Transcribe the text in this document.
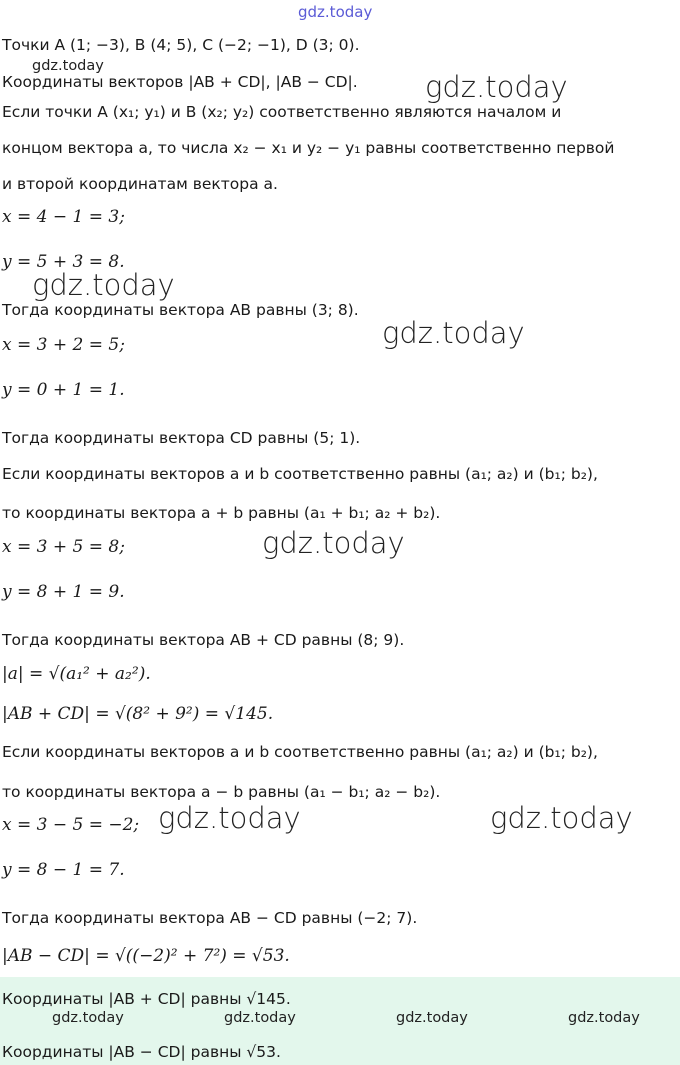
gdz.today
Точки A (1; −3), B (4; 5), C (−2; −1), D (3; 0).
Координаты векторов |AB + CD|, |AB − CD|.
Если точки A (x₁; y₁) и B (x₂; y₂) соответственно являются началом и
концом вектора a, то числа x₂ − x₁ и y₂ − y₁ равны соответственно первой
и второй координатам вектора a.
x = 4 − 1 = 3;
y = 5 + 3 = 8.
Тогда координаты вектора AB равны (3; 8).
x = 3 + 2 = 5;
y = 0 + 1 = 1.
Тогда координаты вектора CD равны (5; 1).
Если координаты векторов a и b соответственно равны (a₁; a₂) и (b₁; b₂),
то координаты вектора a + b равны (a₁ + b₁; a₂ + b₂).
x = 3 + 5 = 8;
y = 8 + 1 = 9.
Тогда координаты вектора AB + CD равны (8; 9).
|a| = √(a₁² + a₂²).
|AB + CD| = √(8² + 9²) = √145.
Если координаты векторов a и b соответственно равны (a₁; a₂) и (b₁; b₂),
то координаты вектора a − b равны (a₁ − b₁; a₂ − b₂).
x = 3 − 5 = −2;
y = 8 − 1 = 7.
Тогда координаты вектора AB − CD равны (−2; 7).
|AB − CD| = √((−2)² + 7²) = √53.
Координаты |AB + CD| равны √145.
Координаты |AB − CD| равны √53.
gdz.today
gdz.today
gdz.today
gdz.today
gdz.today
gdz.today	gdz.today
gdz.today	gdz.today	gdz.today	gdz.today
